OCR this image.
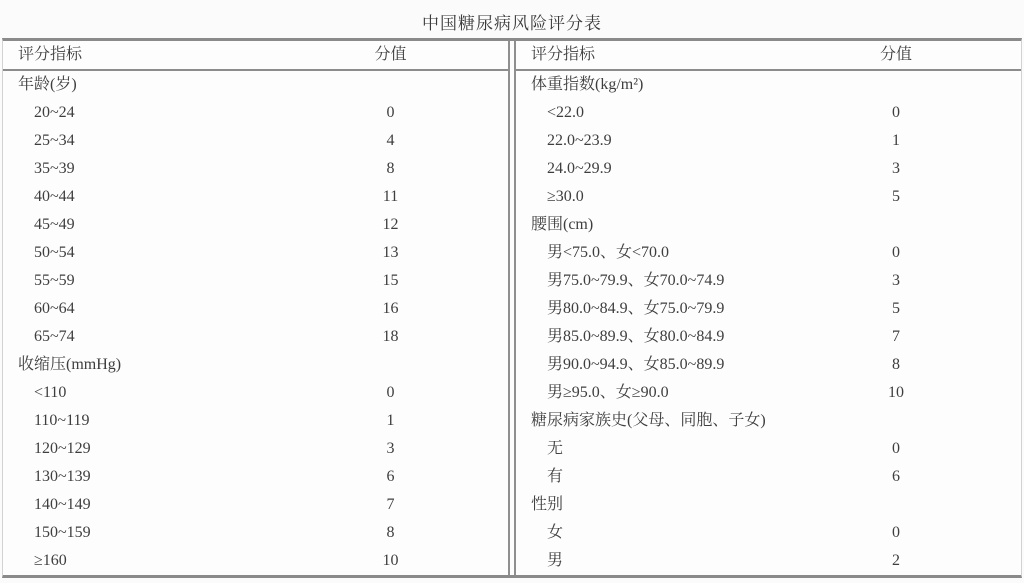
中国糖尿病风险评分表
评分指标	分值
年龄(岁)
20~24	0
25~34	4
35~39	8
40~44	11
45~49	12
50~54	13
55~59	15
60~64	16
65~74	18
收缩压(mmHg)
<110	0
110~119	1
120~129	3
130~139	6
140~149	7
150~159	8
≥160	10
评分指标	分值
体重指数(kg/m²)
<22.0	0
22.0~23.9	1
24.0~29.9	3
≥30.0	5
腰围(cm)
男<75.0、女<70.0	0
男75.0~79.9、女70.0~74.9	3
男80.0~84.9、女75.0~79.9	5
男85.0~89.9、女80.0~84.9	7
男90.0~94.9、女85.0~89.9	8
男≥95.0、女≥90.0	10
糖尿病家族史(父母、同胞、子女)
无	0
有	6
性别
女	0
男	2
